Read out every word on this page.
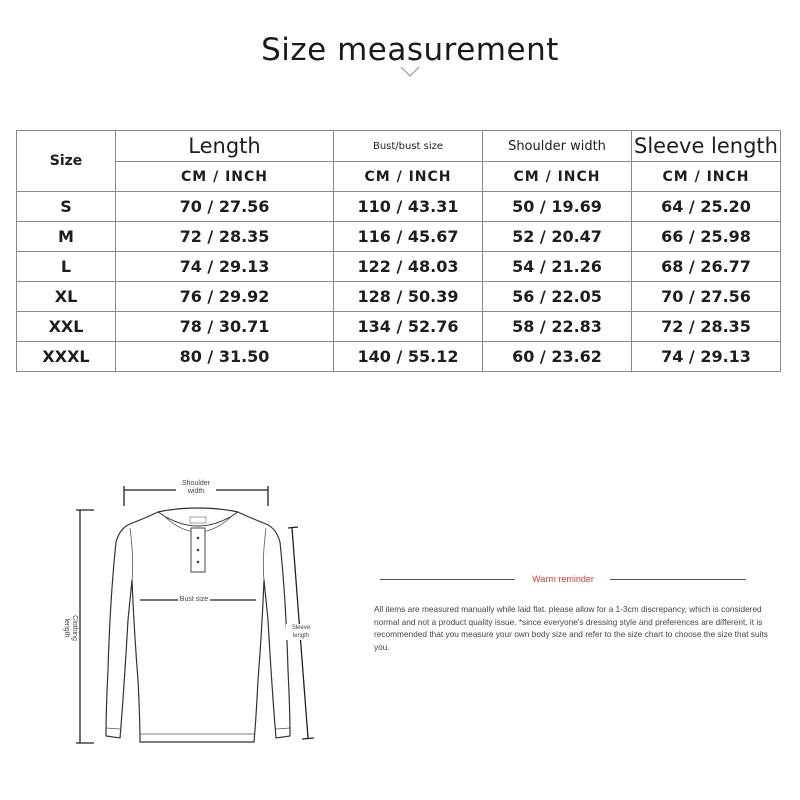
Size measurement
Size	Length	Bust/bust size	Shoulder width	Sleeve length
	CM / INCH	CM / INCH	CM / INCH	CM / INCH
S	70 / 27.56	110 / 43.31	50 / 19.69	64 / 25.20
M	72 / 28.35	116 / 45.67	52 / 20.47	66 / 25.98
L	74 / 29.13	122 / 48.03	54 / 21.26	68 / 26.77
XL	76 / 29.92	128 / 50.39	56 / 22.05	70 / 27.56
XXL	78 / 30.71	134 / 52.76	58 / 22.83	72 / 28.35
XXXL	80 / 31.50	140 / 55.12	60 / 23.62	74 / 29.13
Shoulder
width
Bust size
Clothing
length	Sleeve
length
Warm reminder
All items are measured manually while laid flat. please allow for a 1-3cm discrepancy, which is considered normal and not a product quality issue. *since everyone's dressing style and preferences are different, it is recommended that you measure your own body size and refer to the size chart to choose the size that suits you.
